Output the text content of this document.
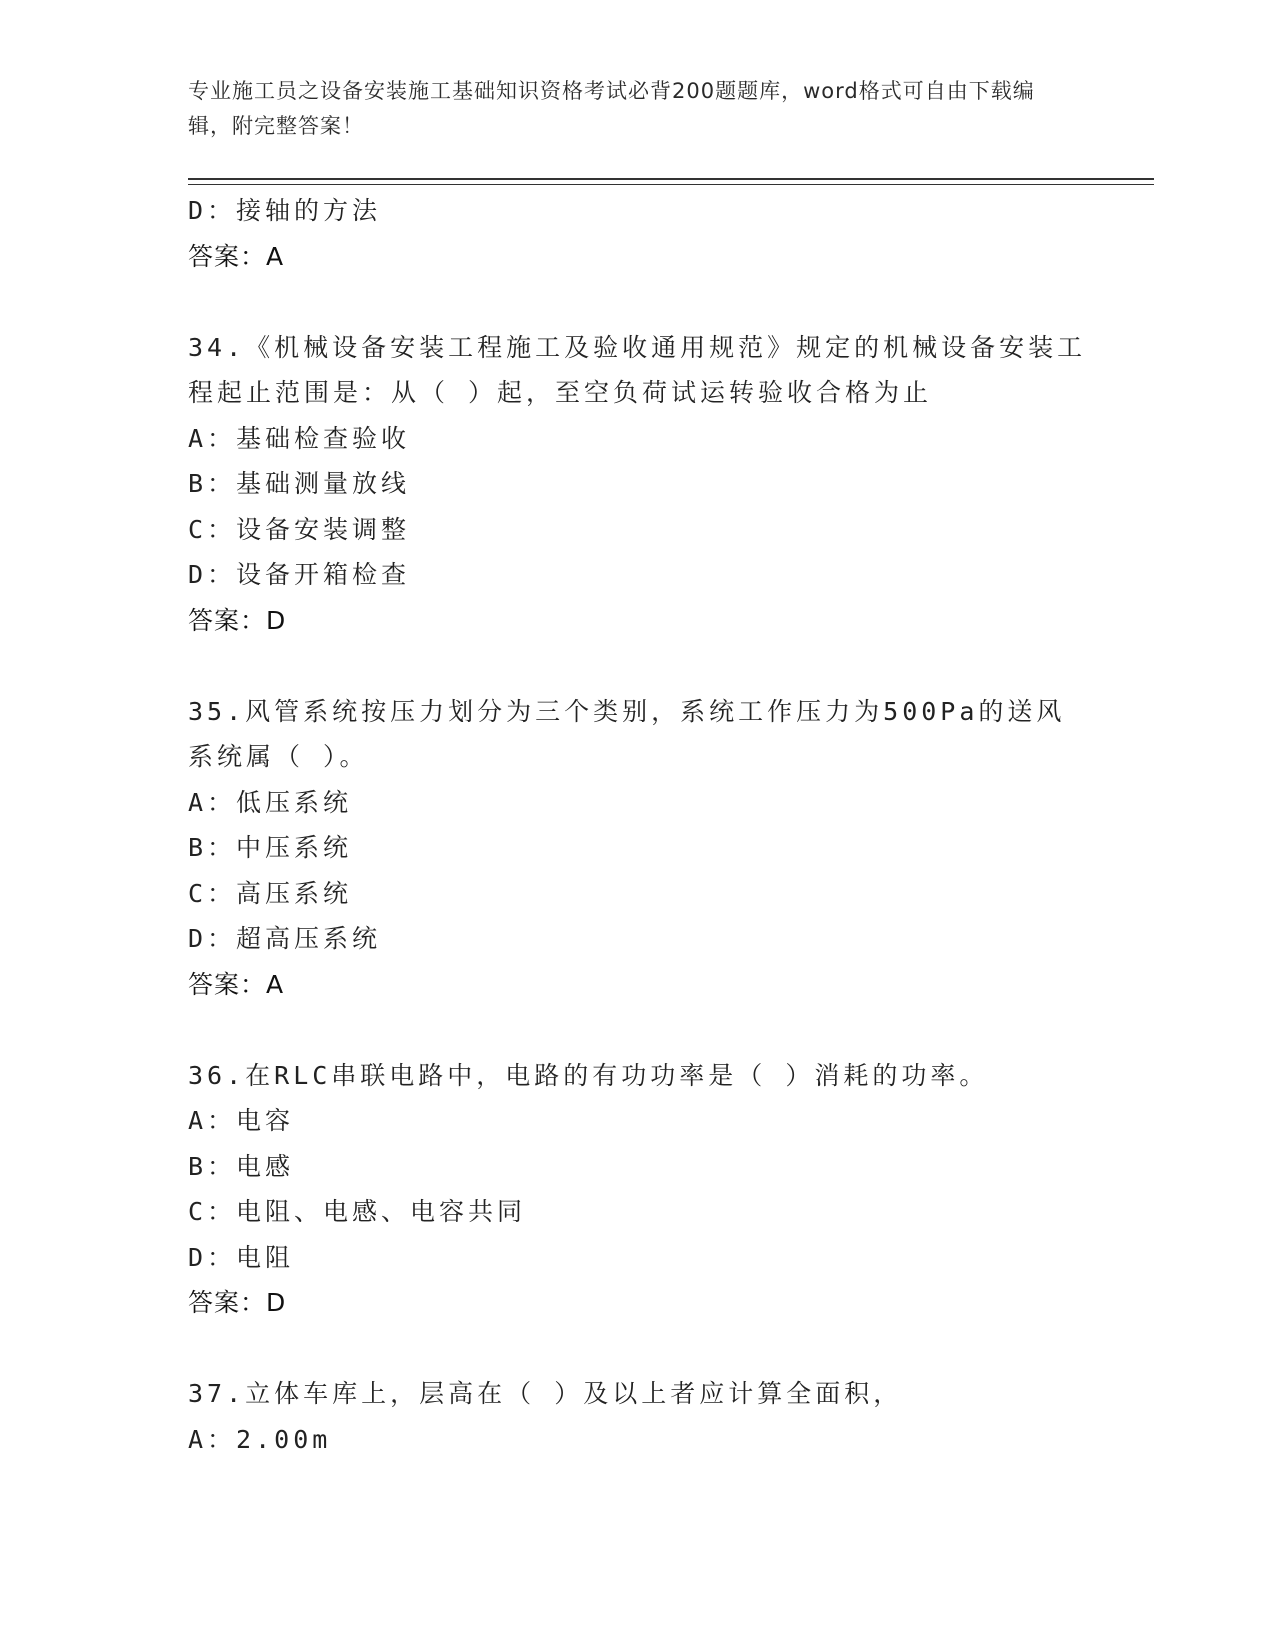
专业施工员之设备安装施工基础知识资格考试必背200题题库，word格式可自由下载编辑，附完整答案！
D：接轴的方法
答案：A
34.《机械设备安装工程施工及验收通用规范》规定的机械设备安装工程起止范围是：从（ ）起，至空负荷试运转验收合格为止
A：基础检查验收
B：基础测量放线
C：设备安装调整
D：设备开箱检查
答案：D
35.风管系统按压力划分为三个类别，系统工作压力为500Pa的送风系统属（ ）。
A：低压系统
B：中压系统
C：高压系统
D：超高压系统
答案：A
36.在RLC串联电路中，电路的有功功率是（ ）消耗的功率。
A：电容
B：电感
C：电阻、电感、电容共同
D：电阻
答案：D
37.立体车库上，层高在（ ）及以上者应计算全面积，
A：2.00m
